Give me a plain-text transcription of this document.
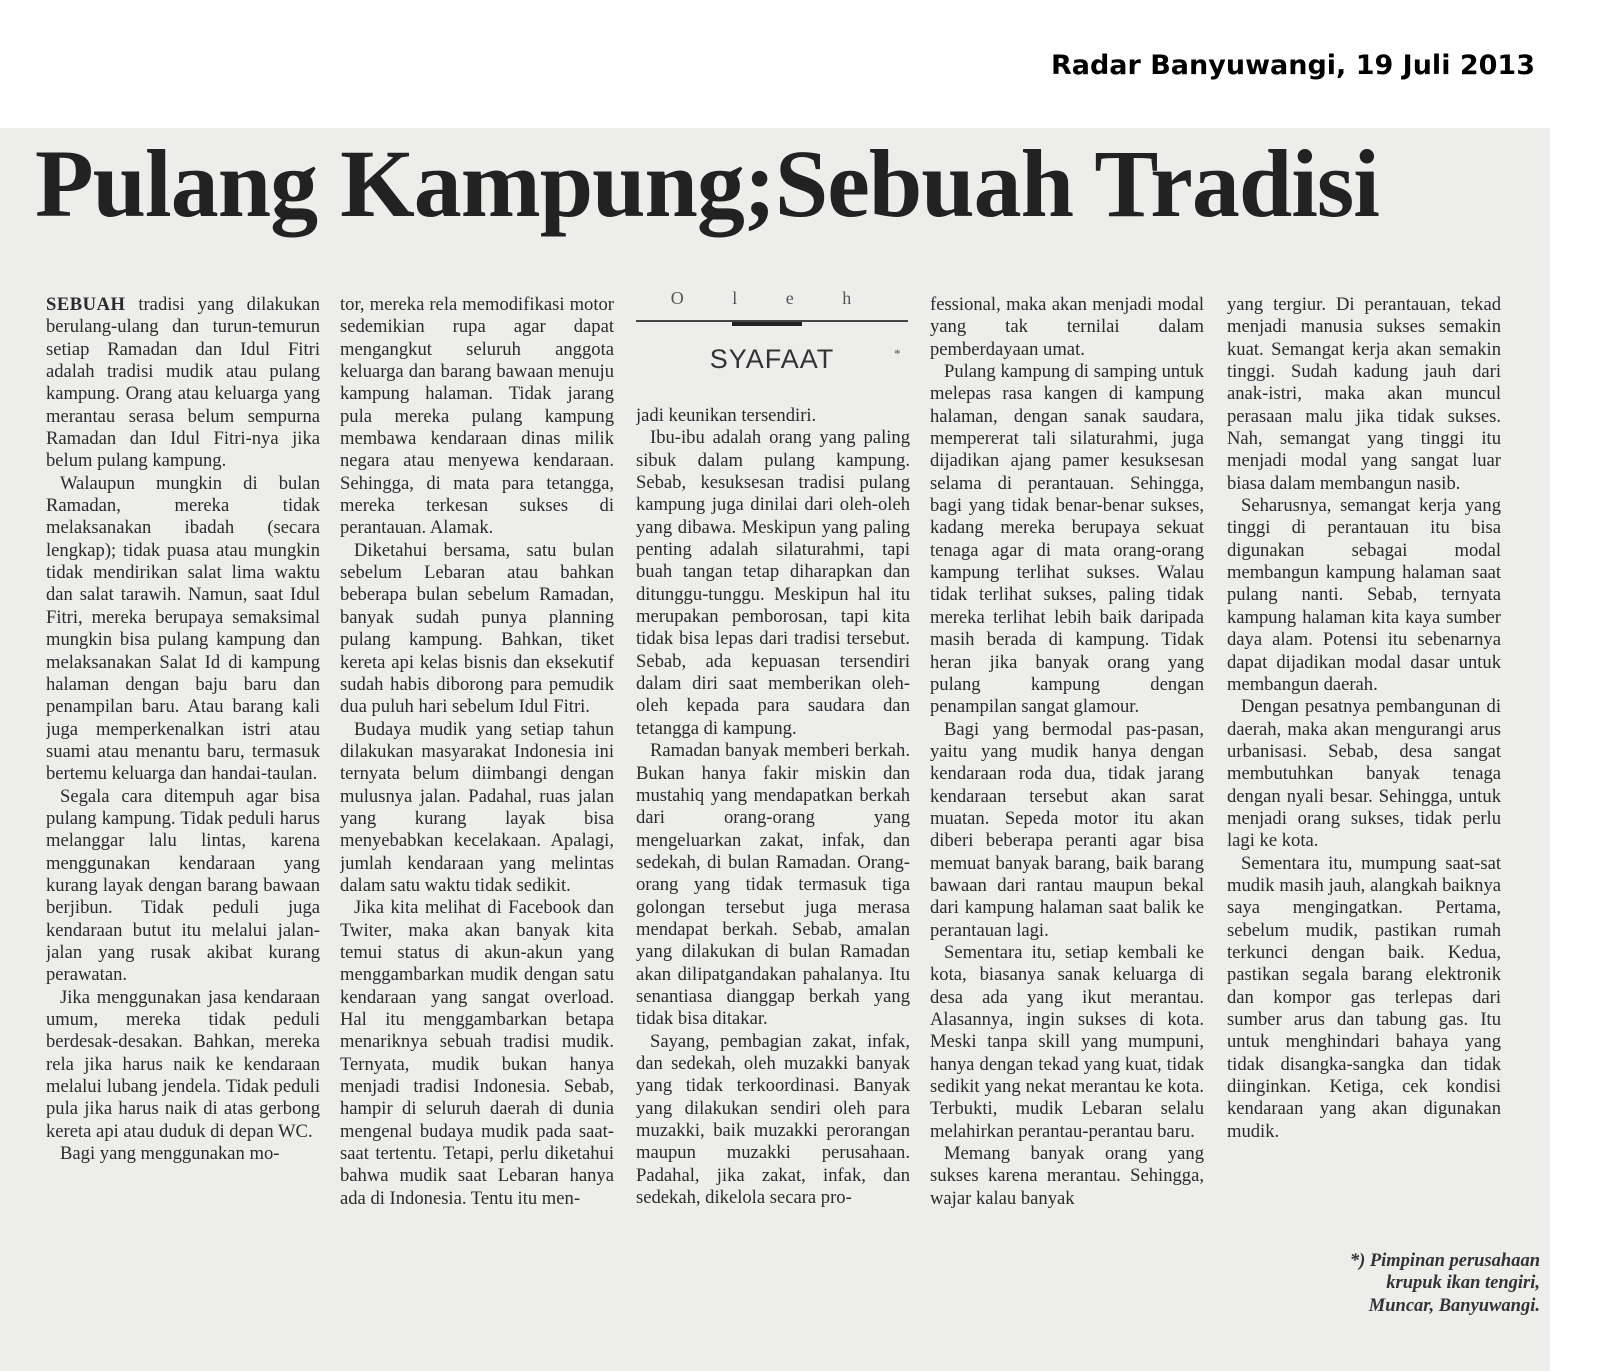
Radar Banyuwangi, 19 Juli 2013
Pulang Kampung;Sebuah Tradisi

SEBUAH tradisi yang dilakukan berulang-ulang dan turun-temurun setiap Ramadan dan Idul Fitri adalah tradisi mudik atau pulang kampung. Orang atau keluarga yang merantau serasa belum sempurna Ramadan dan Idul Fitri-nya jika belum pulang kampung.

Walaupun mungkin di bulan Ramadan, mereka tidak melaksanakan ibadah (secara lengkap); tidak puasa atau mungkin tidak mendirikan salat lima waktu dan salat tarawih. Namun, saat Idul Fitri, mereka berupaya semaksimal mungkin bisa pulang kampung dan melaksanakan Salat Id di kampung halaman dengan baju baru dan penampilan baru. Atau barang kali juga memperkenalkan istri atau suami atau menantu baru, termasuk bertemu keluarga dan handai-taulan.

Segala cara ditempuh agar bisa pulang kampung. Tidak peduli harus melanggar lalu lintas, karena menggunakan kendaraan yang kurang layak dengan barang bawaan berjibun. Tidak peduli juga kendaraan butut itu melalui jalan-jalan yang rusak akibat kurang perawatan.

Jika menggunakan jasa kendaraan umum, mereka tidak peduli berdesak-desakan. Bahkan, mereka rela jika harus naik ke kendaraan melalui lubang jendela. Tidak peduli pula jika harus naik di atas gerbong kereta api atau duduk di depan WC.

Bagi yang menggunakan mo-

tor, mereka rela memodifikasi motor sedemikian rupa agar dapat mengangkut seluruh anggota keluarga dan barang bawaan menuju kampung halaman. Tidak jarang pula mereka pulang kampung membawa kendaraan dinas milik negara atau menyewa kendaraan. Sehingga, di mata para tetangga, mereka terkesan sukses di perantauan. Alamak.

Diketahui bersama, satu bulan sebelum Lebaran atau bahkan beberapa bulan sebelum Ramadan, banyak sudah punya planning pulang kampung. Bahkan, tiket kereta api kelas bisnis dan eksekutif sudah habis diborong para pemudik dua puluh hari sebelum Idul Fitri.

Budaya mudik yang setiap tahun dilakukan masyarakat Indonesia ini ternyata belum diimbangi dengan mulusnya jalan. Padahal, ruas jalan yang kurang layak bisa menyebabkan kecelakaan. Apalagi, jumlah kendaraan yang melintas dalam satu waktu tidak sedikit.

Jika kita melihat di Facebook dan Twiter, maka akan banyak kita temui status di akun-akun yang menggambarkan mudik dengan satu kendaraan yang sangat overload. Hal itu menggambarkan betapa menariknya sebuah tradisi mudik. Ternyata, mudik bukan hanya menjadi tradisi Indonesia. Sebab, hampir di seluruh daerah di dunia mengenal budaya mudik pada saat-saat tertentu. Tetapi, perlu diketahui bahwa mudik saat Lebaran hanya ada di Indonesia. Tentu itu men-

O l e h
SYAFAAT	*

jadi keunikan tersendiri.

Ibu-ibu adalah orang yang paling sibuk dalam pulang kampung. Sebab, kesuksesan tradisi pulang kampung juga dinilai dari oleh-oleh yang dibawa. Meskipun yang paling penting adalah silaturahmi, tapi buah tangan tetap diharapkan dan ditunggu-tunggu. Meskipun hal itu merupakan pemborosan, tapi kita tidak bisa lepas dari tradisi tersebut. Sebab, ada kepuasan tersendiri dalam diri saat memberikan oleh-oleh kepada para saudara dan tetangga di kampung.

Ramadan banyak memberi berkah. Bukan hanya fakir miskin dan mustahiq yang mendapatkan berkah dari orang-orang yang mengeluarkan zakat, infak, dan sedekah, di bulan Ramadan. Orang-orang yang tidak termasuk tiga golongan tersebut juga merasa mendapat berkah. Sebab, amalan yang dilakukan di bulan Ramadan akan dilipatgandakan pahalanya. Itu senantiasa dianggap berkah yang tidak bisa ditakar.

Sayang, pembagian zakat, infak, dan sedekah, oleh muzakki banyak yang tidak terkoordinasi. Banyak yang dilakukan sendiri oleh para muzakki, baik muzakki perorangan maupun muzakki perusahaan. Padahal, jika zakat, infak, dan sedekah, dikelola secara pro-

fessional, maka akan menjadi modal yang tak ternilai dalam pemberdayaan umat.

Pulang kampung di samping untuk melepas rasa kangen di kampung halaman, dengan sanak saudara, mempererat tali silaturahmi, juga dijadikan ajang pamer kesuksesan selama di perantauan. Sehingga, bagi yang tidak benar-benar sukses, kadang mereka berupaya sekuat tenaga agar di mata orang-orang kampung terlihat sukses. Walau tidak terlihat sukses, paling tidak mereka terlihat lebih baik daripada masih berada di kampung. Tidak heran jika banyak orang yang pulang kampung dengan penampilan sangat glamour.

Bagi yang bermodal pas-pasan, yaitu yang mudik hanya dengan kendaraan roda dua, tidak jarang kendaraan tersebut akan sarat muatan. Sepeda motor itu akan diberi beberapa peranti agar bisa memuat banyak barang, baik barang bawaan dari rantau maupun bekal dari kampung halaman saat balik ke perantauan lagi.

Sementara itu, setiap kembali ke kota, biasanya sanak keluarga di desa ada yang ikut merantau. Alasannya, ingin sukses di kota. Meski tanpa skill yang mumpuni, hanya dengan tekad yang kuat, tidak sedikit yang nekat merantau ke kota. Terbukti, mudik Lebaran selalu melahirkan perantau-perantau baru.

Memang banyak orang yang sukses karena merantau. Sehingga, wajar kalau banyak

yang tergiur. Di perantauan, tekad menjadi manusia sukses semakin kuat. Semangat kerja akan semakin tinggi. Sudah kadung jauh dari anak-istri, maka akan muncul perasaan malu jika tidak sukses. Nah, semangat yang tinggi itu menjadi modal yang sangat luar biasa dalam membangun nasib.

Seharusnya, semangat kerja yang tinggi di perantauan itu bisa digunakan sebagai modal membangun kampung halaman saat pulang nanti. Sebab, ternyata kampung halaman kita kaya sumber daya alam. Potensi itu sebenarnya dapat dijadikan modal dasar untuk membangun daerah.

Dengan pesatnya pembangunan di daerah, maka akan mengurangi arus urbanisasi. Sebab, desa sangat membutuhkan banyak tenaga dengan nyali besar. Sehingga, untuk menjadi orang sukses, tidak perlu lagi ke kota.

Sementara itu, mumpung saat-sat mudik masih jauh, alangkah baiknya saya mengingatkan. Pertama, sebelum mudik, pastikan rumah terkunci dengan baik. Kedua, pastikan segala barang elektronik dan kompor gas terlepas dari sumber arus dan tabung gas. Itu untuk menghindari bahaya yang tidak disangka-sangka dan tidak diinginkan. Ketiga, cek kondisi kendaraan yang akan digunakan mudik.

*) Pimpinan perusahaan
krupuk ikan tengiri,
Muncar, Banyuwangi.
